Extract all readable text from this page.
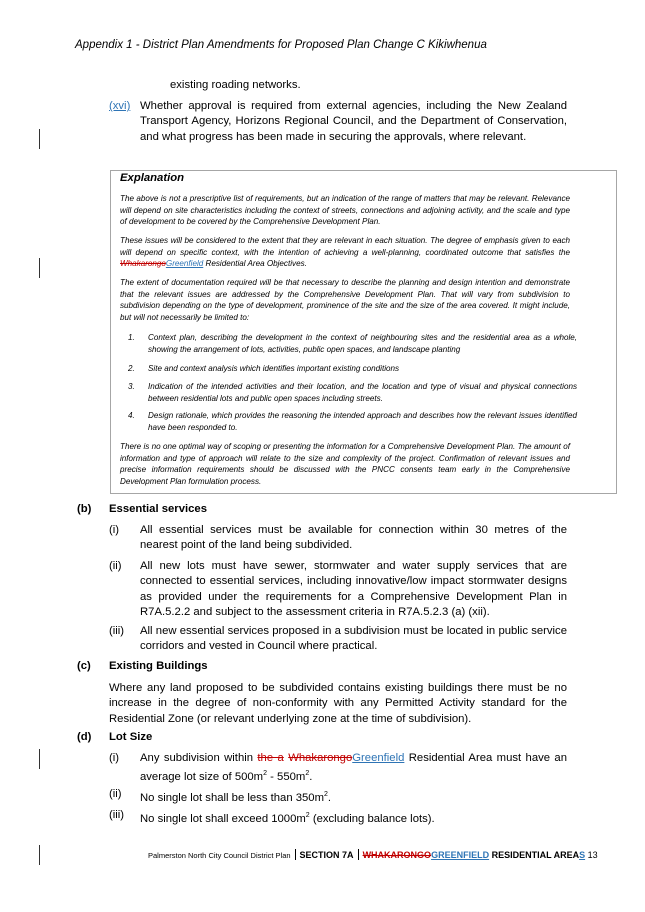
Appendix 1 - District Plan Amendments for Proposed Plan Change C Kikiwhenua
existing roading networks.
(xvi) Whether approval is required from external agencies, including the New Zealand Transport Agency, Horizons Regional Council, and the Department of Conservation, and what progress has been made in securing the approvals, where relevant.
Explanation
The above is not a prescriptive list of requirements, but an indication of the range of matters that may be relevant. Relevance will depend on site characteristics including the context of streets, connections and adjoining activity, and the scale and type of development to be covered by the Comprehensive Development Plan.
These issues will be considered to the extent that they are relevant in each situation. The degree of emphasis given to each will depend on specific context, with the intention of achieving a well-planning, coordinated outcome that satisfies the WhakarongoGreenfield Residential Area Objectives.
The extent of documentation required will be that necessary to describe the planning and design intention and demonstrate that the relevant issues are addressed by the Comprehensive Development Plan. That will vary from subdivision to subdivision depending on the type of development, prominence of the site and the size of the area covered. It might include, but will not necessarily be limited to:
1. Context plan, describing the development in the context of neighbouring sites and the residential area as a whole, showing the arrangement of lots, activities, public open spaces, and landscape planting
2. Site and context analysis which identifies important existing conditions
3. Indication of the intended activities and their location, and the location and type of visual and physical connections between residential lots and public open spaces including streets.
4. Design rationale, which provides the reasoning the intended approach and describes how the relevant issues identified have been responded to.
There is no one optimal way of scoping or presenting the information for a Comprehensive Development Plan. The amount of information and type of approach will relate to the size and complexity of the project. Confirmation of relevant issues and precise information requirements should be discussed with the PNCC consents team early in the Comprehensive Development Plan formulation process.
(b) Essential services
(i) All essential services must be available for connection within 30 metres of the nearest point of the land being subdivided.
(ii) All new lots must have sewer, stormwater and water supply services that are connected to essential services, including innovative/low impact stormwater designs as provided under the requirements for a Comprehensive Development Plan in R7A.5.2.2 and subject to the assessment criteria in R7A.5.2.3 (a) (xii).
(iii) All new essential services proposed in a subdivision must be located in public service corridors and vested in Council where practical.
(c) Existing Buildings
Where any land proposed to be subdivided contains existing buildings there must be no increase in the degree of non-conformity with any Permitted Activity standard for the Residential Zone (or relevant underlying zone at the time of subdivision).
(d) Lot Size
(i) Any subdivision within the a WhakarongoGreenfield Residential Area must have an average lot size of $500m^2 - 550m^2$.
(ii) No single lot shall be less than $350m^2$.
(iii) No single lot shall exceed $1000m^2$ (excluding balance lots).
Palmerston North City Council District Plan SECTION 7A WHAKARONGOGREENFIELD RESIDENTIAL AREAS 13
